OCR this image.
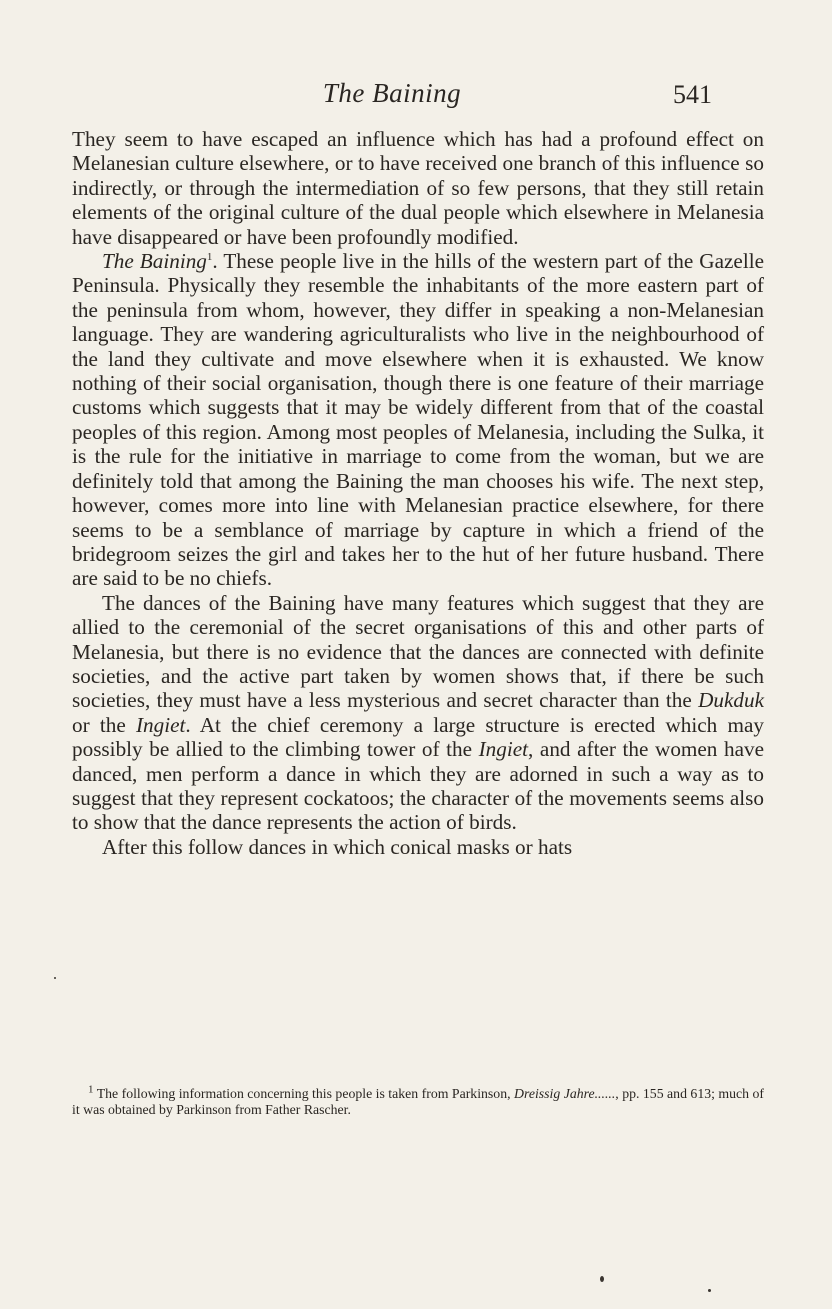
The Baining	541

They seem to have escaped an influence which has had a profound effect on Melanesian culture elsewhere, or to have received one branch of this influence so indirectly, or through the intermediation of so few persons, that they still retain elements of the original culture of the dual people which elsewhere in Melanesia have disappeared or have been profoundly modified.

The Baining$^1$. These people live in the hills of the western part of the Gazelle Peninsula. Physically they resemble the inhabitants of the more eastern part of the peninsula from whom, however, they differ in speaking a non-Melanesian language. They are wandering agriculturalists who live in the neighbourhood of the land they cultivate and move elsewhere when it is exhausted. We know nothing of their social organisation, though there is one feature of their marriage customs which suggests that it may be widely different from that of the coastal peoples of this region. Among most peoples of Melanesia, including the Sulka, it is the rule for the initiative in marriage to come from the woman, but we are definitely told that among the Baining the man chooses his wife. The next step, however, comes more into line with Melanesian practice elsewhere, for there seems to be a semblance of marriage by capture in which a friend of the bridegroom seizes the girl and takes her to the hut of her future husband. There are said to be no chiefs.

The dances of the Baining have many features which suggest that they are allied to the ceremonial of the secret organisations of this and other parts of Melanesia, but there is no evidence that the dances are connected with definite societies, and the active part taken by women shows that, if there be such societies, they must have a less mysterious and secret character than the Dukduk or the Ingiet. At the chief ceremony a large structure is erected which may possibly be allied to the climbing tower of the Ingiet, and after the women have danced, men perform a dance in which they are adorned in such a way as to suggest that they represent cockatoos; the character of the movements seems also to show that the dance represents the action of birds.

After this follow dances in which conical masks or hats

$^1$ The following information concerning this people is taken from Parkinson, Dreissig Jahre......, pp. 155 and 613; much of it was obtained by Parkinson from Father Rascher.
